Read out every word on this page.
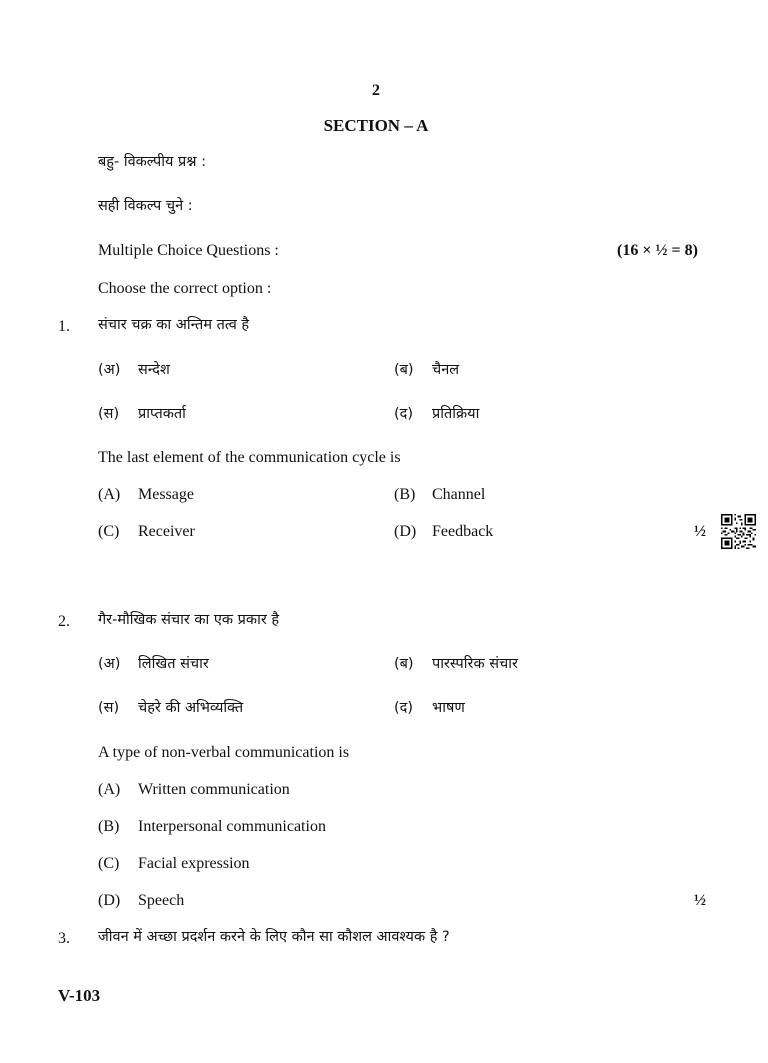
2
SECTION – A
बहु- विकल्पीय प्रश्न :
सही विकल्प चुने :
Multiple Choice Questions :	(16 × ½ = 8)
Choose the correct option :
1. संचार चक्र का अन्तिम तत्व है
(अ) सन्देश	(ब) चैनल
(स) प्राप्तकर्ता	(द) प्रतिक्रिया
The last element of the communication cycle is
(A) Message	(B) Channel
(C) Receiver	(D) Feedback	½
2. गैर-मौखिक संचार का एक प्रकार है
(अ) लिखित संचार	(ब) पारस्परिक संचार
(स) चेहरे की अभिव्यक्ति	(द) भाषण
A type of non-verbal communication is
(A) Written communication
(B) Interpersonal communication
(C) Facial expression
(D) Speech	½
3. जीवन में अच्छा प्रदर्शन करने के लिए कौन सा कौशल आवश्यक है ?
V-103
